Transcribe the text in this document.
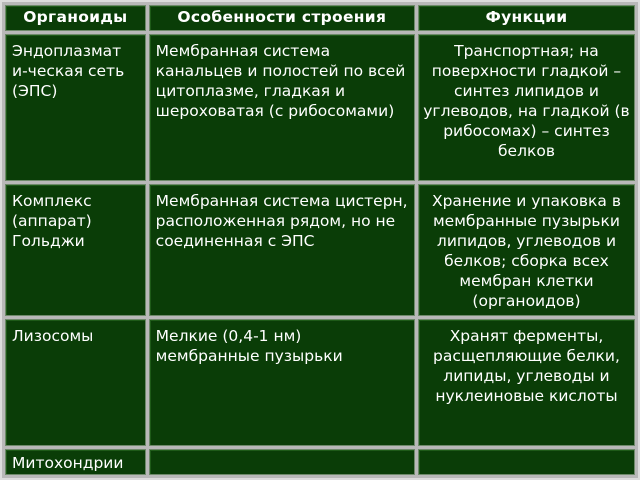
Органоиды	Особенности строения	Функции
Эндоплазмат и-ческая сеть (ЭПС)	Мембранная система канальцев и полостей по всей цитоплазме, гладкая и шероховатая (с рибосомами)	Транспортная; на поверхности гладкой – синтез липидов и углеводов, на гладкой (в рибосомах) – синтез белков
Комплекс (аппарат) Гольджи	Мембранная система цистерн, расположенная рядом, но не соединенная с ЭПС	Хранение и упаковка в мембранные пузырьки липидов, углеводов и белков; сборка всех мембран клетки (органоидов)
Лизосомы	Мелкие (0,4-1 нм) мембранные пузырьки	Хранят ферменты, расщепляющие белки, липиды, углеводы и нуклеиновые кислоты
Митохондрии		
